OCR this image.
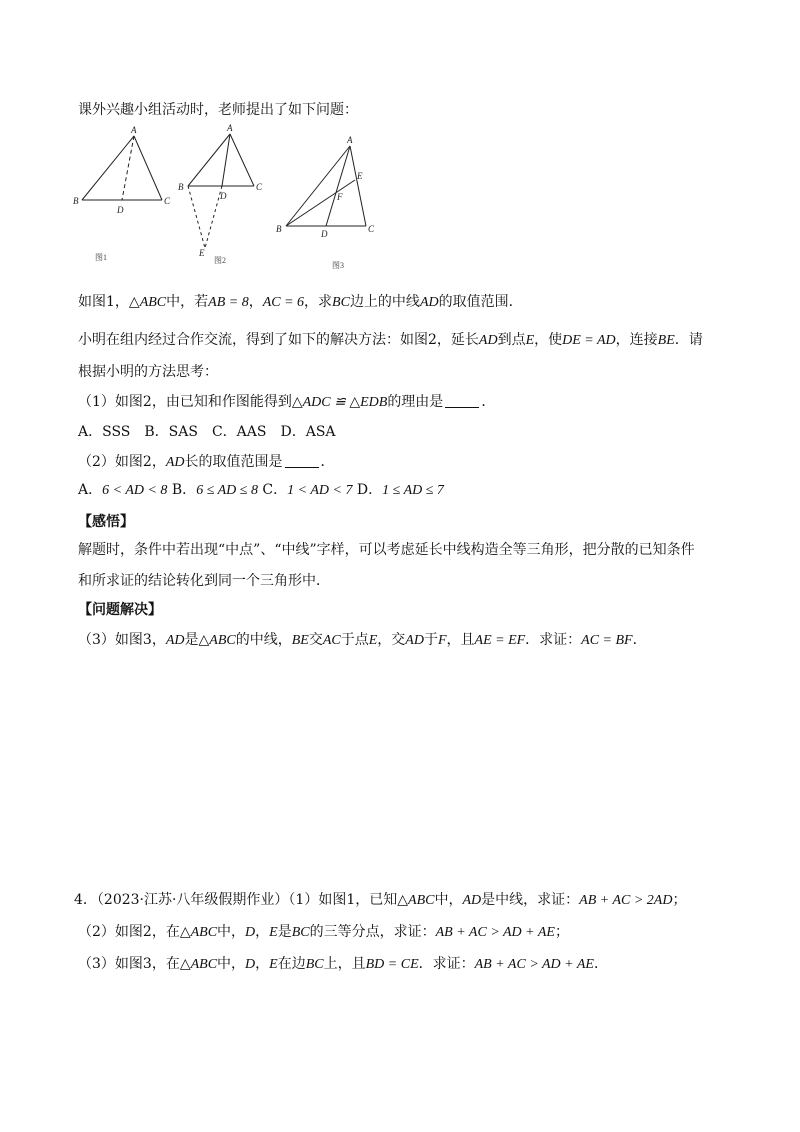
课外兴趣小组活动时，老师提出了如下问题：
A
B	C
D
图1
A
B	C
D
E
图2
A
B	C
D
E
F
图3
如图1，△ABC中，若AB = 8，AC = 6，求BC边上的中线AD的取值范围．
小明在组内经过合作交流，得到了如下的解决方法：如图2，延长AD到点E，使DE = AD，连接BE．请
根据小明的方法思考：
（1）如图2，由已知和作图能得到△ADC ≌ △EDB的理由是	．
A．SSS　B．SAS　C．AAS　D．ASA
（2）如图2，AD长的取值范围是	．
A．6 < AD < 8 B．6 ≤ AD ≤ 8 C．1 < AD < 7 D．1 ≤ AD ≤ 7
【感悟】
解题时，条件中若出现“中点”、“中线”字样，可以考虑延长中线构造全等三角形，把分散的已知条件
和所求证的结论转化到同一个三角形中．
【问题解决】
（3）如图3，AD是△ABC的中线，BE交AC于点E，交AD于F，且AE = EF．求证：AC = BF．
4．（2023·江苏·八年级假期作业）（1）如图1，已知△ABC中，AD是中线，求证：AB + AC > 2AD；
（2）如图2，在△ABC中，D，E是BC的三等分点，求证：AB + AC > AD + AE；
（3）如图3，在△ABC中，D，E在边BC上，且BD = CE．求证：AB + AC > AD + AE．
